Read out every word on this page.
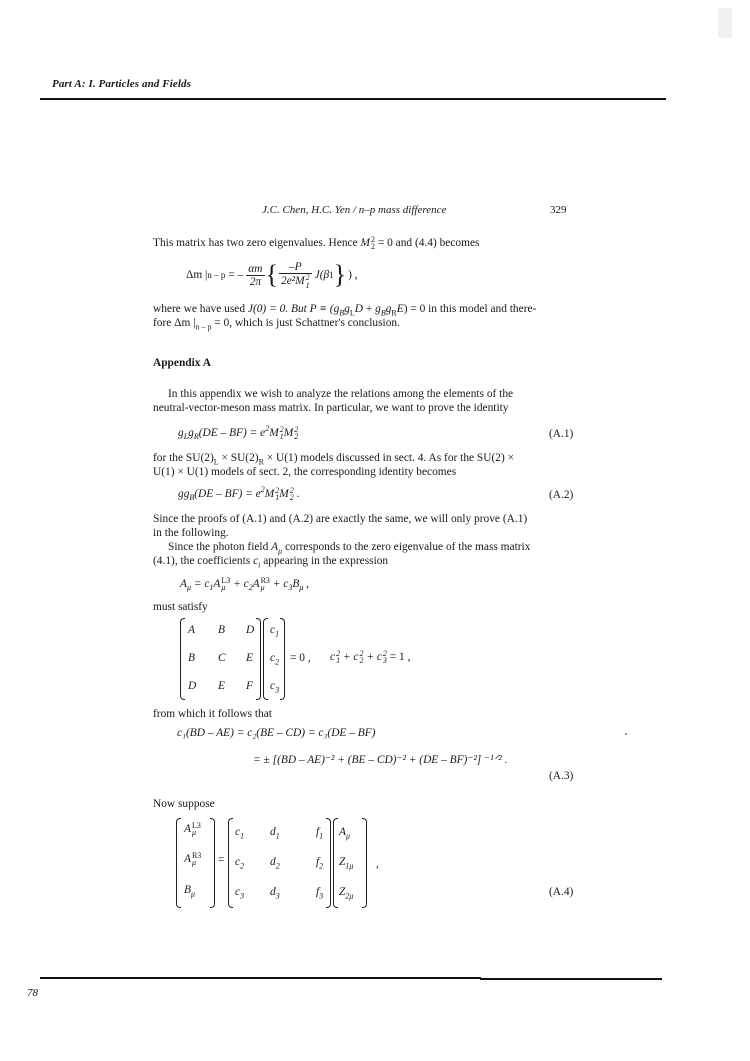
Part A: I. Particles and Fields
J.C. Chen, H.C. Yen / n–p mass difference	329
This matrix has two zero eigenvalues. Hence M 2
2 = 0 and (4.4) becomes
Δm | n – p = – $\frac{\alpha m}{2\pi}$ { –P
2e²M 2
1 J(β 1 } ) ,
where we have used J(0) = 0. But $P \equiv (g_Bg_LD + g_Bg_RE) = 0$ in this model and there-
fore Δm $|_{n - p} = 0$, which is just Schattner's conclusion.
Appendix A
In this appendix we wish to analyze the relations among the elements of the
neutral-vector-meson mass matrix. In particular, we want to prove the identity
$g_Lg_R(DE - BF) = e^2M$ 2
1 M 2
2	(A.1)
for the $SU(2)_L \times SU(2)_R \times U(1)$ models discussed in sect. 4. As for the SU(2) ×
U(1) × U(1) models of sect. 2, the corresponding identity becomes
$gg_B(DE - BF) = e^2M$ 2
1 M 2
2 .	(A.2)
Since the proofs of (A.1) and (A.2) are exactly the same, we will only prove (A.1)
in the following.
Since the photon field $A_\mu$ corresponds to the zero eigenvalue of the mass matrix
(4.1), the coefficients $c_i$ appearing in the expression
$A_\mu = c_1A$ L3
$\mu + c_2A$ R3
$\mu + c_3B_\mu$ ,
must satisfy
A B D
B C E
D E F
$c_1$
$c_2$
$c_3$
= 0 , c 2
1 + c 2
2 + c 2
3 = 1 ,
from which it follows that
c₁(BD – AE) = c₂(BE – CD) = c₃(DE – BF)
= ± [(BD – AE)⁻² + (BE – CD)⁻² + (DE – BF)⁻²] ⁻¹ᐟ² .
(A.3)
Now suppose
A L3
μ
A R3
μ
$B_\mu$
=
$c_1$ $d_1$	$f_1$
$c_2$ $d_2$	$f_2$
$c_3$ $d_3$	$f_3$
$A_\mu$
$Z_{1\mu}$
$Z_{2\mu}$
,
(A.4)
78
